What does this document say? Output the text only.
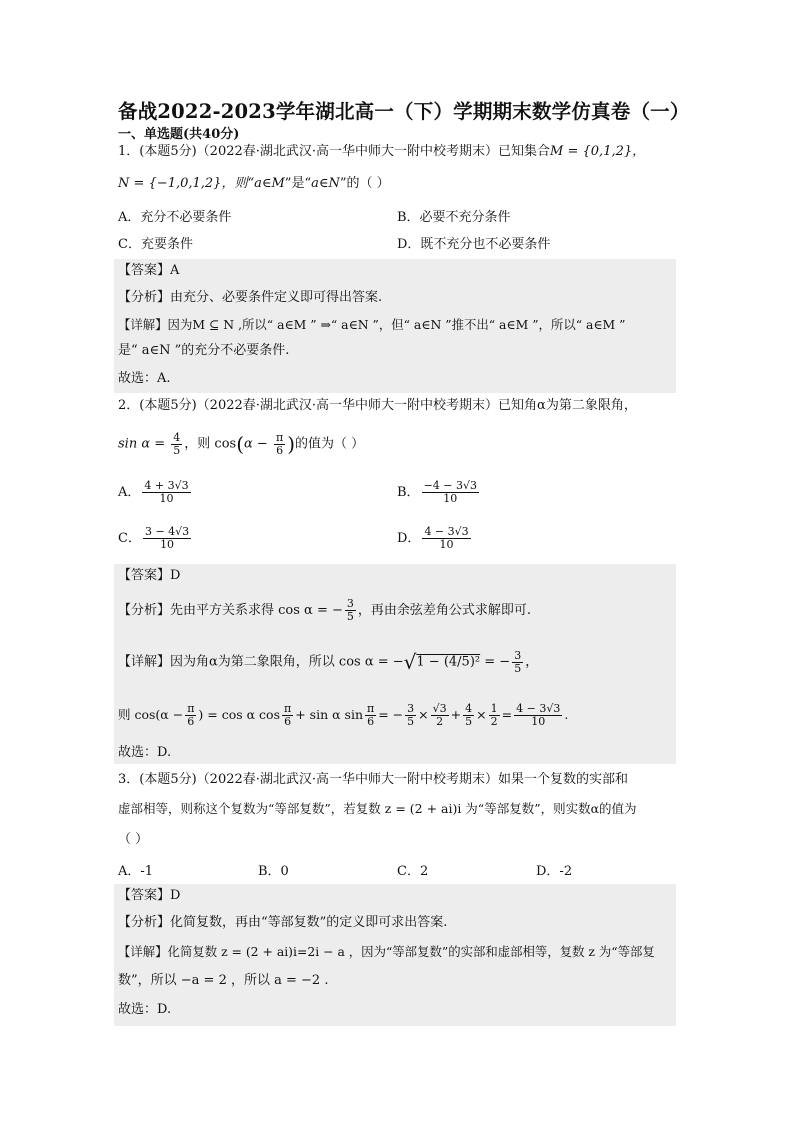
备战2022-2023学年湖北高一（下）学期期末数学仿真卷（一）
一、单选题(共40分)
1．(本题5分)（2022春·湖北武汉·高一华中师大一附中校考期末）已知集合M = {0,1,2}，
N = {−1,0,1,2}，则“a∈M”是“a∈N”的（ ）
A．充分不必要条件	B．必要不充分条件
C．充要条件	D．既不充分也不必要条件
【答案】A
【分析】由充分、必要条件定义即可得出答案.
【详解】因为M ⊆ N ,所以“ a∈M ” ⇒“ a∈N ”，但“ a∈N ”推不出“ a∈M ”，所以“ a∈M ”
是“ a∈N ”的充分不必要条件.
故选：A.
2．(本题5分)（2022春·湖北武汉·高一华中师大一附中校考期末）已知角α为第二象限角，
$\sin \alpha = \frac{4}{5}$ ，则 $\cos(\alpha - \frac{\pi}{6}$ )的值为（ ）
A． $\frac{4 + 3√3}{10}$	B． $\frac{-4 - 3√3}{10}$
C． $\frac{3 - 4√3}{10}$	D． $\frac{4 - 3√3}{10}$
【答案】D
【分析】先由平方关系求得 cos α = − $\frac{3}{5}$ ，再由余弦差角公式求解即可.
【详解】因为角α为第二象限角，所以 cos α = −√1 − (4/5)² = − $\frac{3}{5}$ ，
则 $\cos(\alpha - \frac{\pi}{6}$ ) = cos α $\cos \frac{\pi}{6} + \sin \alpha$ $\sin \frac{\pi}{6}$ = − $\frac{3}{5} \times \frac{√3}{2} + \frac{4}{5} \times \frac{1}{2} = \frac{4 - 3√3}{10}$ .
故选：D.
3．(本题5分)（2022春·湖北武汉·高一华中师大一附中校考期末）如果一个复数的实部和
虚部相等，则称这个复数为“等部复数”，若复数 z = (2 + ai)i 为“等部复数”，则实数α的值为
（ ）
A．-1	B．0	C．2	D．-2
【答案】D
【分析】化简复数，再由“等部复数”的定义即可求出答案.
【详解】化简复数 z = (2 + ai)i=2i − a ，因为“等部复数”的实部和虚部相等，复数 z 为“等部复
数”，所以 −a = 2 ，所以 a = −2 .
故选：D.
